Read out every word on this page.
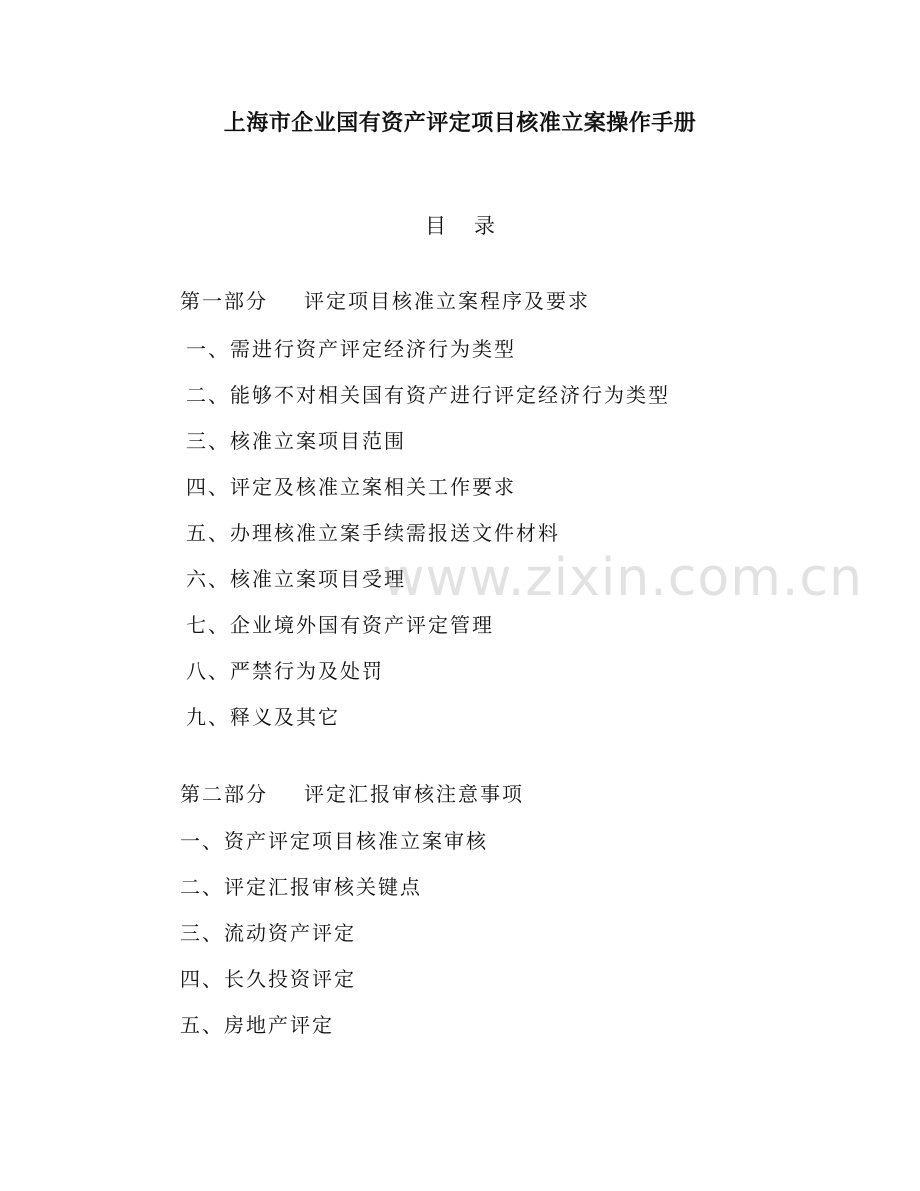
上海市企业国有资产评定项目核准立案操作手册
目录
第一部分 评定项目核准立案程序及要求
一、需进行资产评定经济行为类型
二、能够不对相关国有资产进行评定经济行为类型
三、核准立案项目范围
四、评定及核准立案相关工作要求
五、办理核准立案手续需报送文件材料
六、核准立案项目受理
七、企业境外国有资产评定管理
八、严禁行为及处罚
九、释义及其它
第二部分 评定汇报审核注意事项
一、资产评定项目核准立案审核
二、评定汇报审核关键点
三、流动资产评定
四、长久投资评定
五、房地产评定
www.zixin.com.cn
